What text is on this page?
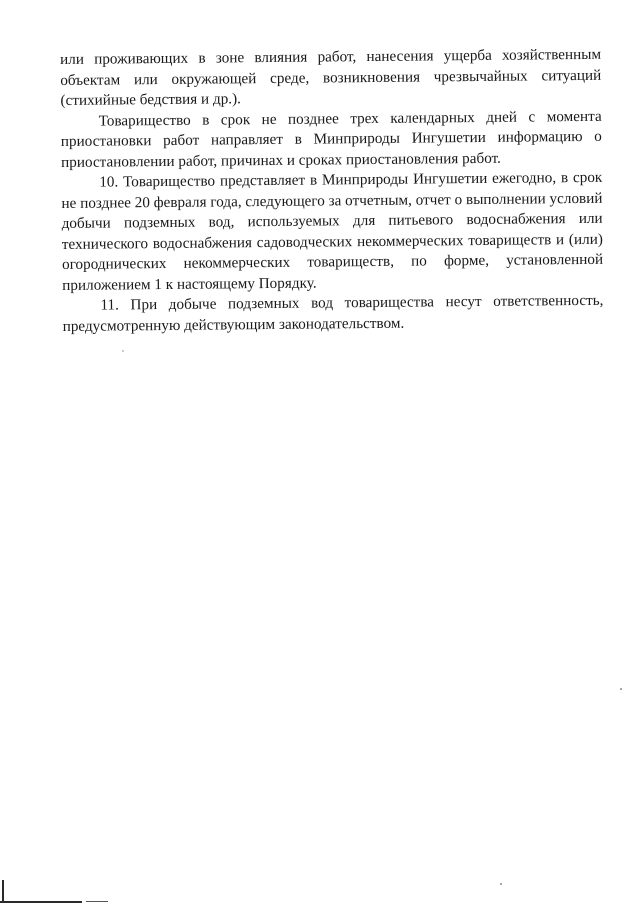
или проживающих в зоне влияния работ, нанесения ущерба хозяйственным объектам или окружающей среде, возникновения чрезвычайных ситуаций (стихийные бедствия и др.).

Товарищество в срок не позднее трех календарных дней с момента приостановки работ направляет в Минприроды Ингушетии информацию о приостановлении работ, причинах и сроках приостановления работ.

10. Товарищество представляет в Минприроды Ингушетии ежегодно, в срок не позднее 20 февраля года, следующего за отчетным, отчет о выполнении условий добычи подземных вод, используемых для питьевого водоснабжения или технического водоснабжения садоводческих некоммерческих товариществ и (или) огороднических некоммерческих товариществ, по форме, установленной приложением 1 к настоящему Порядку.

11. При добыче подземных вод товарищества несут ответственность, предусмотренную действующим законодательством.
